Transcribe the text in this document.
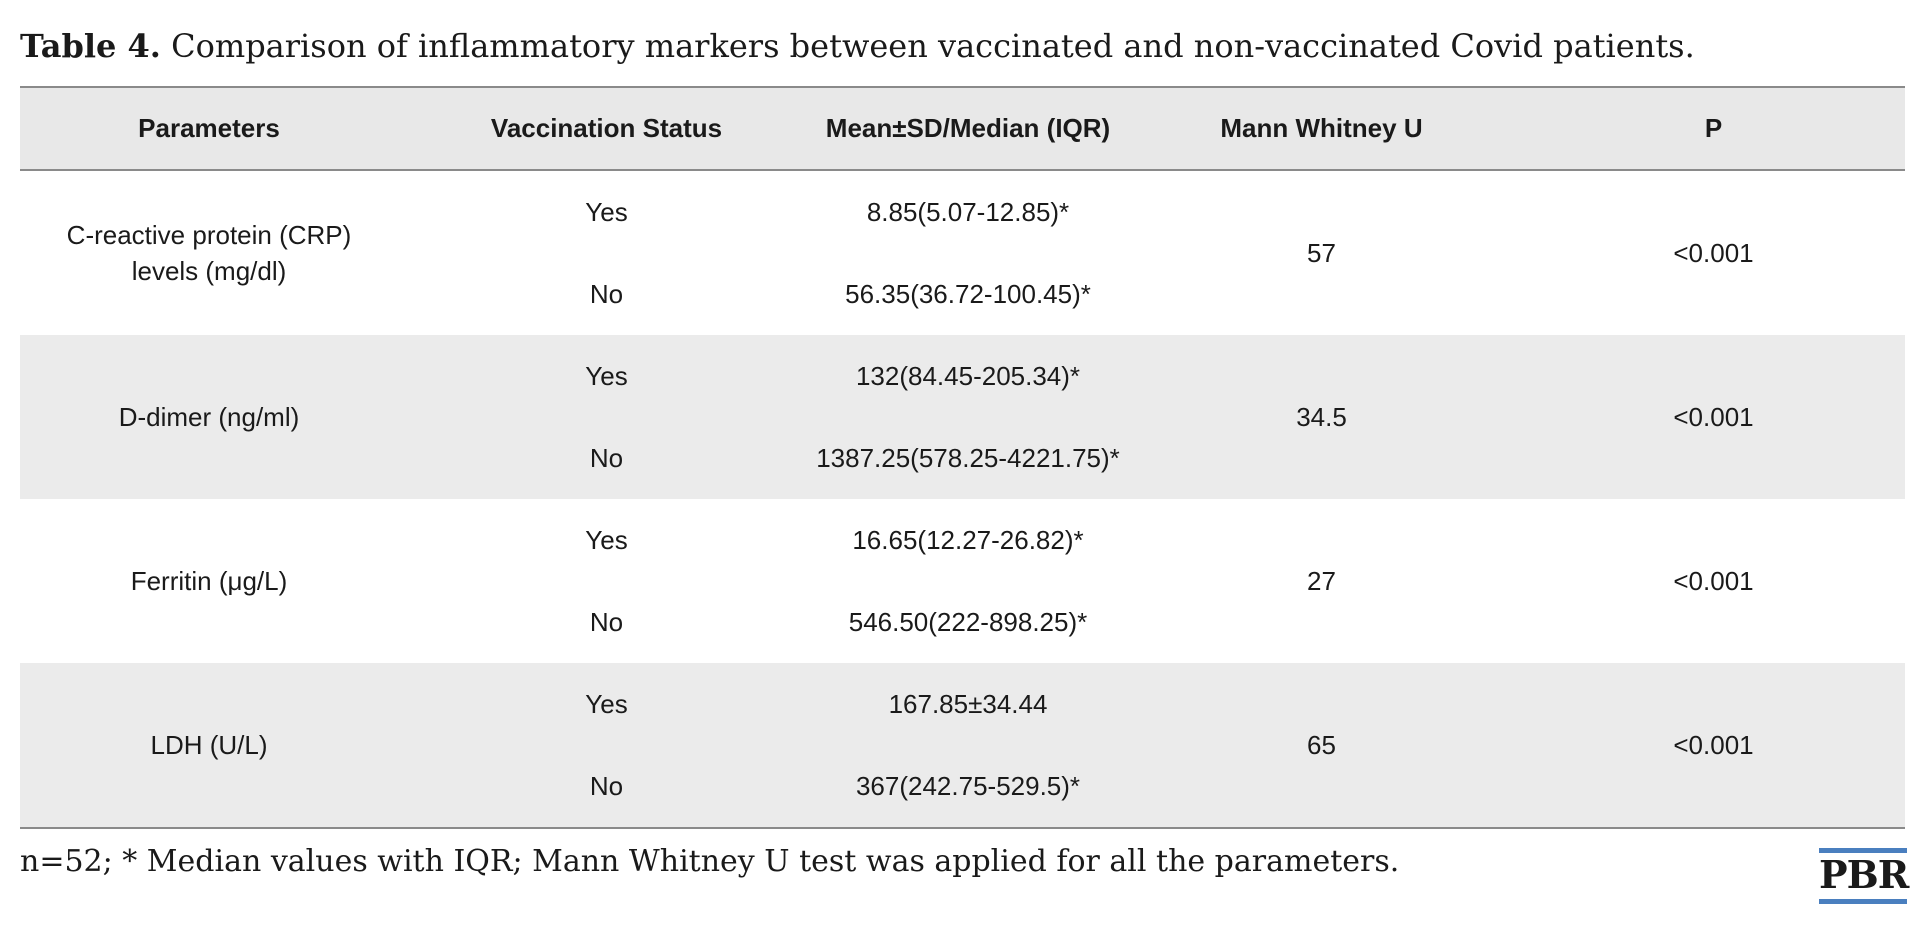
Table 4. Comparison of inflammatory markers between vaccinated and non-vaccinated Covid patients.
Parameters	Vaccination Status	Mean±SD/Median (IQR)	Mann Whitney U	P
C-reactive protein (CRP) levels (mg/dl)	Yes	8.85(5.07-12.85)*	57	<0.001
	No	56.35(36.72-100.45)*		
D-dimer (ng/ml)	Yes	132(84.45-205.34)*	34.5	<0.001
	No	1387.25(578.25-4221.75)*		
Ferritin (μg/L)	Yes	16.65(12.27-26.82)*	27	<0.001
	No	546.50(222-898.25)*		
LDH (U/L)	Yes	167.85±34.44	65	<0.001
	No	367(242.75-529.5)*		
n=52; * Median values with IQR; Mann Whitney U test was applied for all the parameters.	PBR
